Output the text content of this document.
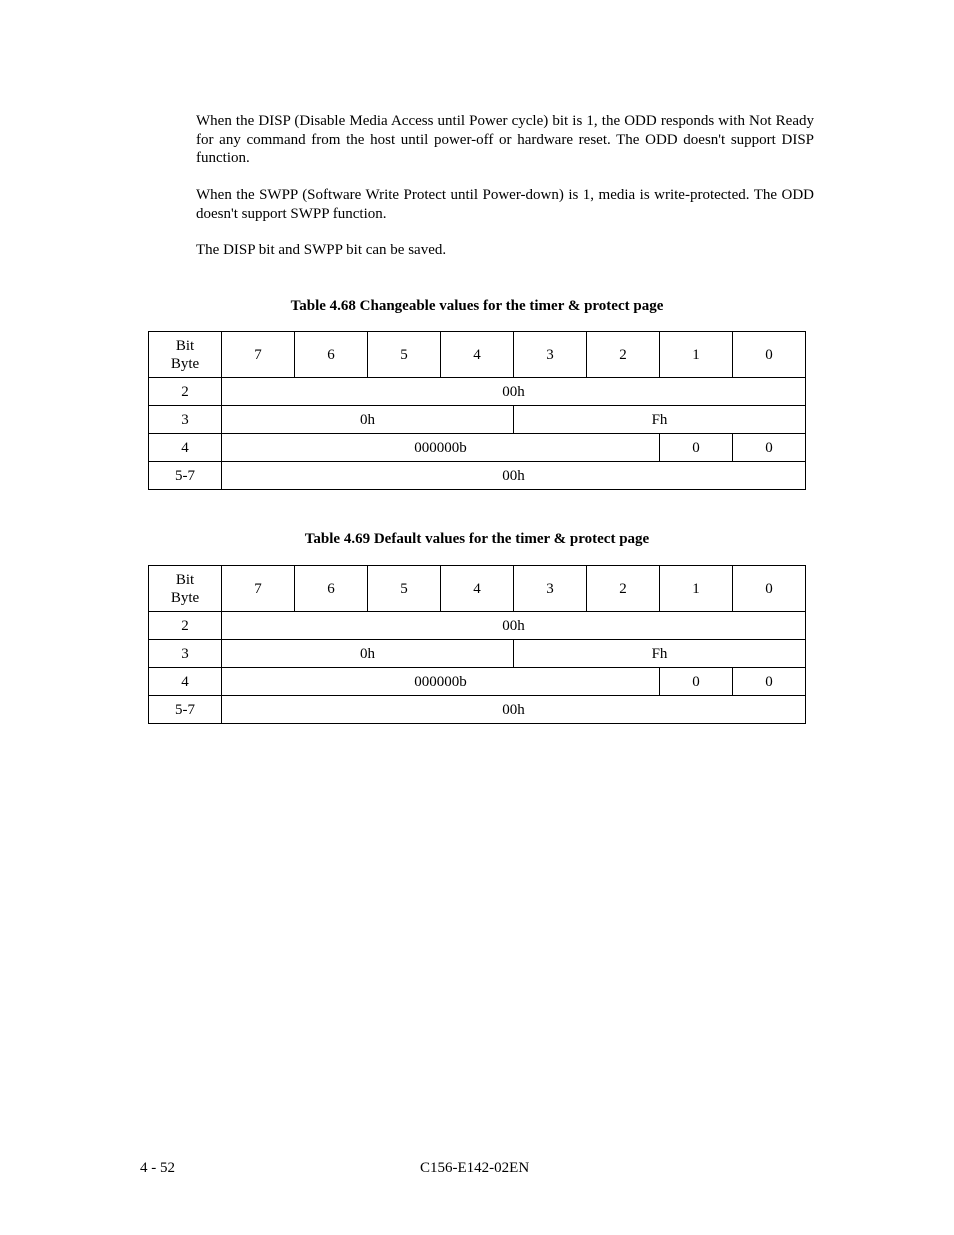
When the DISP (Disable Media Access until Power cycle) bit is 1, the ODD responds with Not Ready for any command from the host until power-off or hardware reset. The ODD doesn't support DISP function.

When the SWPP (Software Write Protect until Power-down) is 1, media is write-protected. The ODD doesn't support SWPP function.

The DISP bit and SWPP bit can be saved.

Table 4.68 Changeable values for the timer & protect page
Bit
Byte	7	6	5	4	3	2	1	0
2	00h							
3	0h				Fh			
4	000000b						0	0
5-7	00h							
Table 4.69 Default values for the timer & protect page
Bit
Byte	7	6	5	4	3	2	1	0
2	00h							
3	0h				Fh			
4	000000b						0	0
5-7	00h							
4 - 52	C156-E142-02EN
